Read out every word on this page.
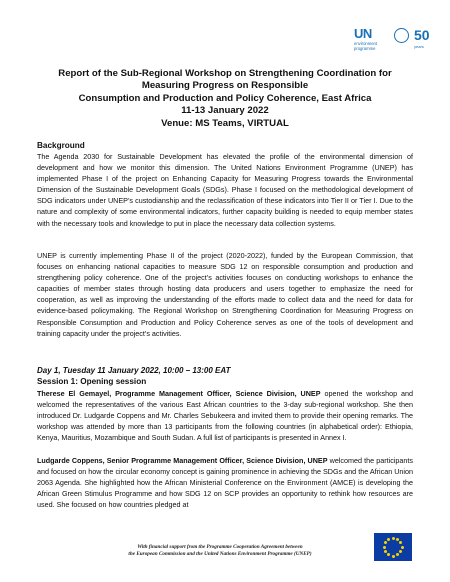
UN
environment programme
50
years
Report of the Sub-Regional Workshop on Strengthening Coordination for
Measuring Progress on Responsible
Consumption and Production and Policy Coherence, East Africa
11-13 January 2022
Venue: MS Teams, VIRTUAL
Background
The Agenda 2030 for Sustainable Development has elevated the profile of the environmental dimension of development and how we monitor this dimension. The United Nations Environment Programme (UNEP) has implemented Phase I of the project on Enhancing Capacity for Measuring Progress towards the Environmental Dimension of the Sustainable Development Goals (SDGs). Phase I focused on the methodological development of SDG indicators under UNEP’s custodianship and the reclassification of these indicators into Tier II or Tier I. Due to the nature and complexity of some environmental indicators, further capacity building is needed to equip member states with the necessary tools and knowledge to put in place the necessary data collection systems.
UNEP is currently implementing Phase II of the project (2020-2022), funded by the European Commission, that focuses on enhancing national capacities to measure SDG 12 on responsible consumption and production and strengthening policy coherence. One of the project’s activities focuses on conducting workshops to enhance the capacities of member states through hosting data producers and users together to emphasize the need for cooperation, as well as improving the understanding of the efforts made to collect data and the need for data for evidence-based policymaking. The Regional Workshop on Strengthening Coordination for Measuring Progress on Responsible Consumption and Production and Policy Coherence serves as one of the tools of development and training capacity under the project’s activities.
Day 1, Tuesday 11 January 2022, 10:00 – 13:00 EAT
Session 1: Opening session
Therese El Gemayel, Programme Management Officer, Science Division, UNEP opened the workshop and welcomed the representatives of the various East African countries to the 3-day sub-regional workshop. She then introduced Dr. Ludgarde Coppens and Mr. Charles Sebukeera and invited them to provide their opening remarks. The workshop was attended by more than 13 participants from the following countries (in alphabetical order): Ethiopia, Kenya, Mauritius, Mozambique and South Sudan. A full list of participants is presented in Annex I.
Ludgarde Coppens, Senior Programme Management Officer, Science Division, UNEP welcomed the participants and focused on how the circular economy concept is gaining prominence in achieving the SDGs and the African Union 2063 Agenda. She highlighted how the African Ministerial Conference on the Environment (AMCE) is developing the African Green Stimulus Programme and how SDG 12 on SCP provides an opportunity to rethink how resources are used. She focused on how countries pledged at
With financial support from the Programme Cooperation Agreement between
the European Commission and the United Nations Environment Programme (UNEP)
